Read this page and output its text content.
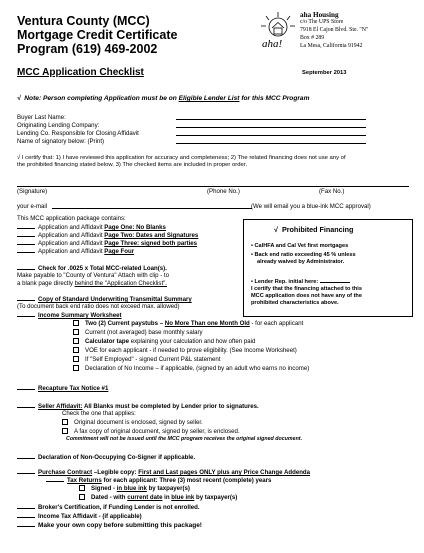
Ventura County (MCC)
Mortgage Credit Certificate
Program (619) 469-2002	aha!
aha Housing
c/o The UPS Store
7918 El Cajon Blvd. Ste. "N"
Box # 289
La Mesa, California 91942
MCC Application Checklist	September 2013
√ Note: Person completing Application must be on Eligible Lender List for this MCC Program
Buyer Last Name:
Originating Lending Company:
Lending Co. Responsible for Closing Affidavit
Name of signatory below: (Print)
√ I certify that: 1) I have reviewed this application for accuracy and completeness; 2) The related financing does not use any of
the prohibited financing stated below. 3) The checked items are included in proper order.
(Signature)	(Phone No.)	(Fax No.)
your e-mail	(We will email you a blue-ink MCC approval)
This MCC application package contains:
Application and Affidavit Page One: No Blanks
Application and Affidavit Page Two: Dates and Signatures
Application and Affidavit Page Three: signed both parties
Application and Affidavit Page Four
√ Prohibited Financing
• CalHFA and Cal Vet first mortgages
• Back end ratio exceeding 45 % unless
already waived by Administrator.
• Lender Rep. initial here:
I certify that the financing attached to this
MCC application does not have any of the
prohibited characteristics above.
Check for .0025 x Total MCC-related Loan(s).
Make payable to "County of Ventura" Attach with clip - to
a blank page directly behind the "Application Checklist".
Copy of Standard Underwriting Transmittal Summary
(To document back end ratio does not exceed max. allowed)
Income Summary Worksheet
Two (2) Current paystubs – No More Than one Month Old - for each applicant
Current (not averaged) base monthly salary
Calculator tape explaining your calculation and how often paid
VOE for each applicant - if needed to prove eligibility. (See Income Worksheet)
If "Self Employed" - signed Current P&L statement
Declaration of No Income – if applicable, (signed by an adult who earns no income)
Recapture Tax Notice #1
Seller Affidavit: All Blanks must be completed by Lender prior to signatures.
Check the one that applies:
Original document is enclosed, signed by seller.
A fax copy of original document, signed by seller, is enclosed.
Commitment will not be issued until the MCC program receives the original signed document.
Declaration of Non-Occupying Co-Signer if applicable.
Purchase Contract –Legible copy: First and Last pages ONLY plus any Price Change Addenda
Tax Returns for each applicant: Three (3) most recent (complete) years
Signed - in blue ink by taxpayer(s)
Dated - with current date in blue ink by taxpayer(s)
Broker's Certification, if Funding Lender is not enrolled.
Income Tax Affidavit - (if applicable)
Make your own copy before submitting this package!
